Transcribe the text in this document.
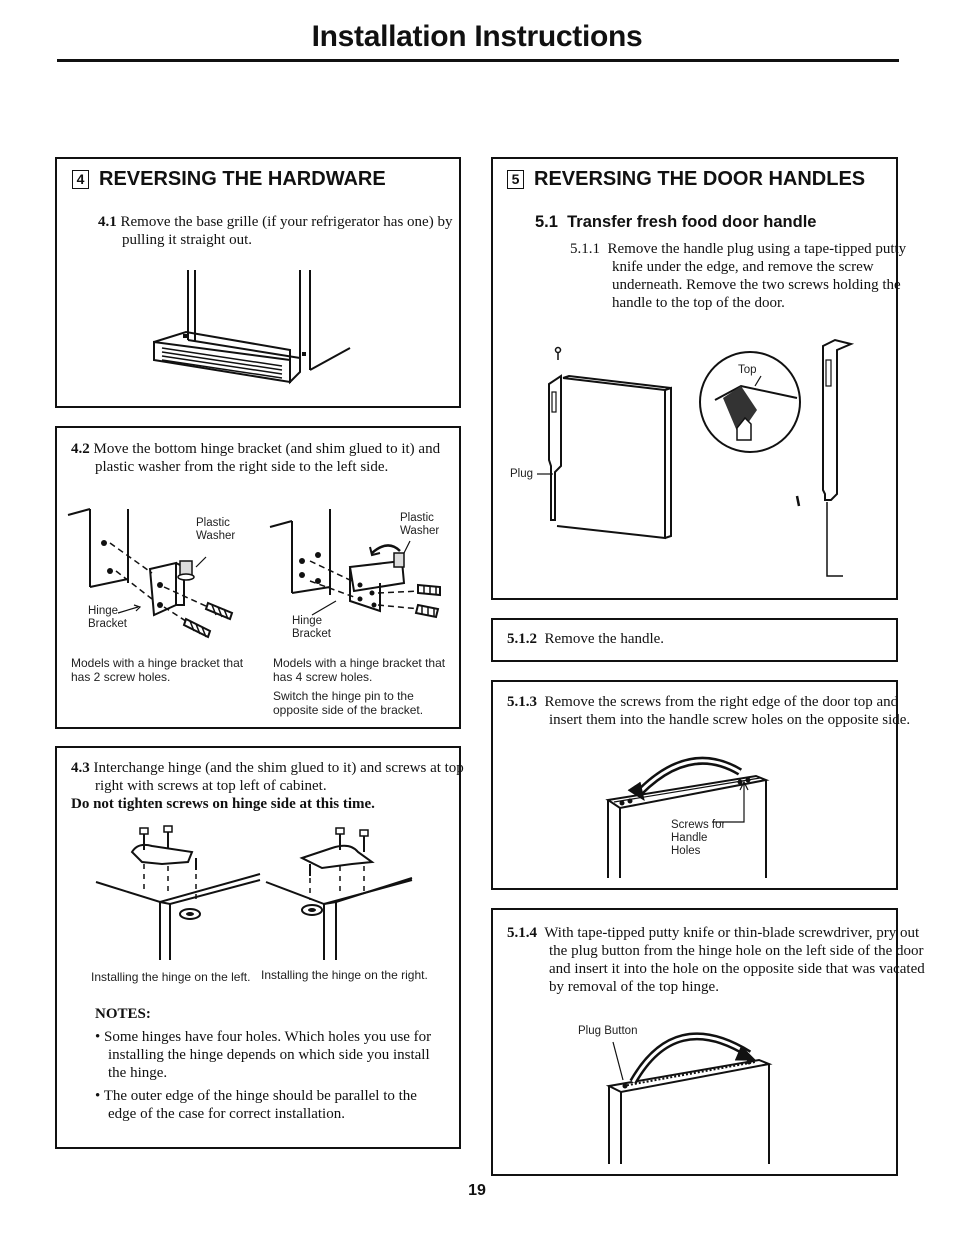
Installation Instructions
4 REVERSING THE HARDWARE
4.1 Remove the base grille (if your refrigerator has one) by pulling it straight out.
4.2 Move the bottom hinge bracket (and shim glued to it) and plastic washer from the right side to the left side.
Plastic Washer
Hinge Bracket
Plastic Washer
Hinge Bracket
Models with a hinge bracket that has 2 screw holes.
Models with a hinge bracket that has 4 screw holes.
Switch the hinge pin to the opposite side of the bracket.
4.3 Interchange hinge (and the shim glued to it) and screws at top right with screws at top left of cabinet.
Do not tighten screws on hinge side at this time.
Installing the hinge on the left. Installing the hinge on the right.
NOTES:
• Some hinges have four holes. Which holes you use for installing the hinge depends on which side you install the hinge.
• The outer edge of the hinge should be parallel to the edge of the case for correct installation.
5 REVERSING THE DOOR HANDLES
5.1  Transfer fresh food door handle
5.1.1 Remove the handle plug using a tape-tipped putty knife under the edge, and remove the screw underneath. Remove the two screws holding the handle to the top of the door.
Plug
Top
5.1.2 Remove the handle.
5.1.3 Remove the screws from the right edge of the door top and insert them into the handle screw holes on the opposite side.
Screws for Handle Holes
5.1.4 With tape-tipped putty knife or thin-blade screwdriver, pry out the plug button from the hinge hole on the left side of the door and insert it into the hole on the opposite side that was vacated by removal of the top hinge.
Plug Button
19
